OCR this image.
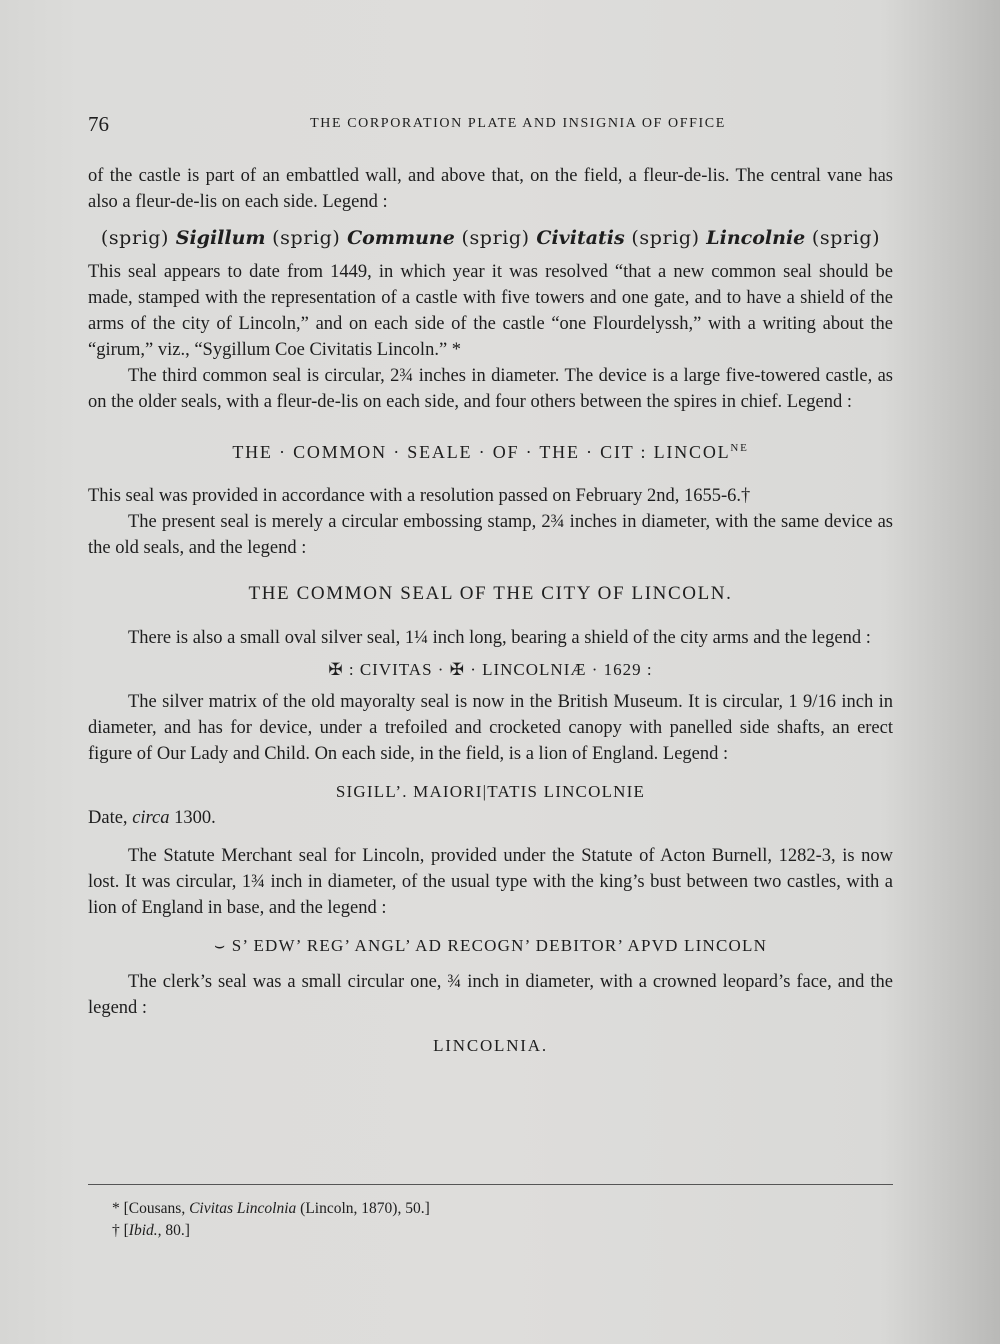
76	THE CORPORATION PLATE AND INSIGNIA OF OFFICE

of the castle is part of an embattled wall, and above that, on the field, a fleur-de-lis. The central vane has also a fleur-de-lis on each side. Legend :

(sprig) Sigillum (sprig) Commune (sprig) Civitatis (sprig) Lincolnie (sprig)

This seal appears to date from 1449, in which year it was resolved “that a new common seal should be made, stamped with the representation of a castle with five towers and one gate, and to have a shield of the arms of the city of Lincoln,” and on each side of the castle “one Flourdelyssh,” with a writing about the “girum,” viz., “Sygillum Coe Civitatis Lincoln.” *

The third common seal is circular, 2¾ inches in diameter. The device is a large five-towered castle, as on the older seals, with a fleur-de-lis on each side, and four others between the spires in chief. Legend :

THE · COMMON · SEALE · OF · THE · CIT : $LINCOL^{NE}$

This seal was provided in accordance with a resolution passed on February 2nd, 1655-6.†

The present seal is merely a circular embossing stamp, 2¾ inches in diameter, with the same device as the old seals, and the legend :

THE COMMON SEAL OF THE CITY OF LINCOLN.

There is also a small oval silver seal, 1¼ inch long, bearing a shield of the city arms and the legend :

✠ : CIVITAS · ✠ · LINCOLNIÆ · 1629 :

The silver matrix of the old mayoralty seal is now in the British Museum. It is circular, 1 9/16 inch in diameter, and has for device, under a trefoiled and crocketed canopy with panelled side shafts, an erect figure of Our Lady and Child. On each side, in the field, is a lion of England. Legend :

SIGILL’. MAIORI|TATIS LINCOLNIE

Date, circa 1300.

The Statute Merchant seal for Lincoln, provided under the Statute of Acton Burnell, 1282-3, is now lost. It was circular, 1¾ inch in diameter, of the usual type with the king’s bust between two castles, with a lion of England in base, and the legend :

⌣ S’ EDW’ REG’ ANGL’ AD RECOGN’ DEBITOR’ APVD LINCOLN

The clerk’s seal was a small circular one, ¾ inch in diameter, with a crowned leopard’s face, and the legend :

LINCOLNIA.
* [Cousans, Civitas Lincolnia (Lincoln, 1870), 50.]
† [Ibid., 80.]
